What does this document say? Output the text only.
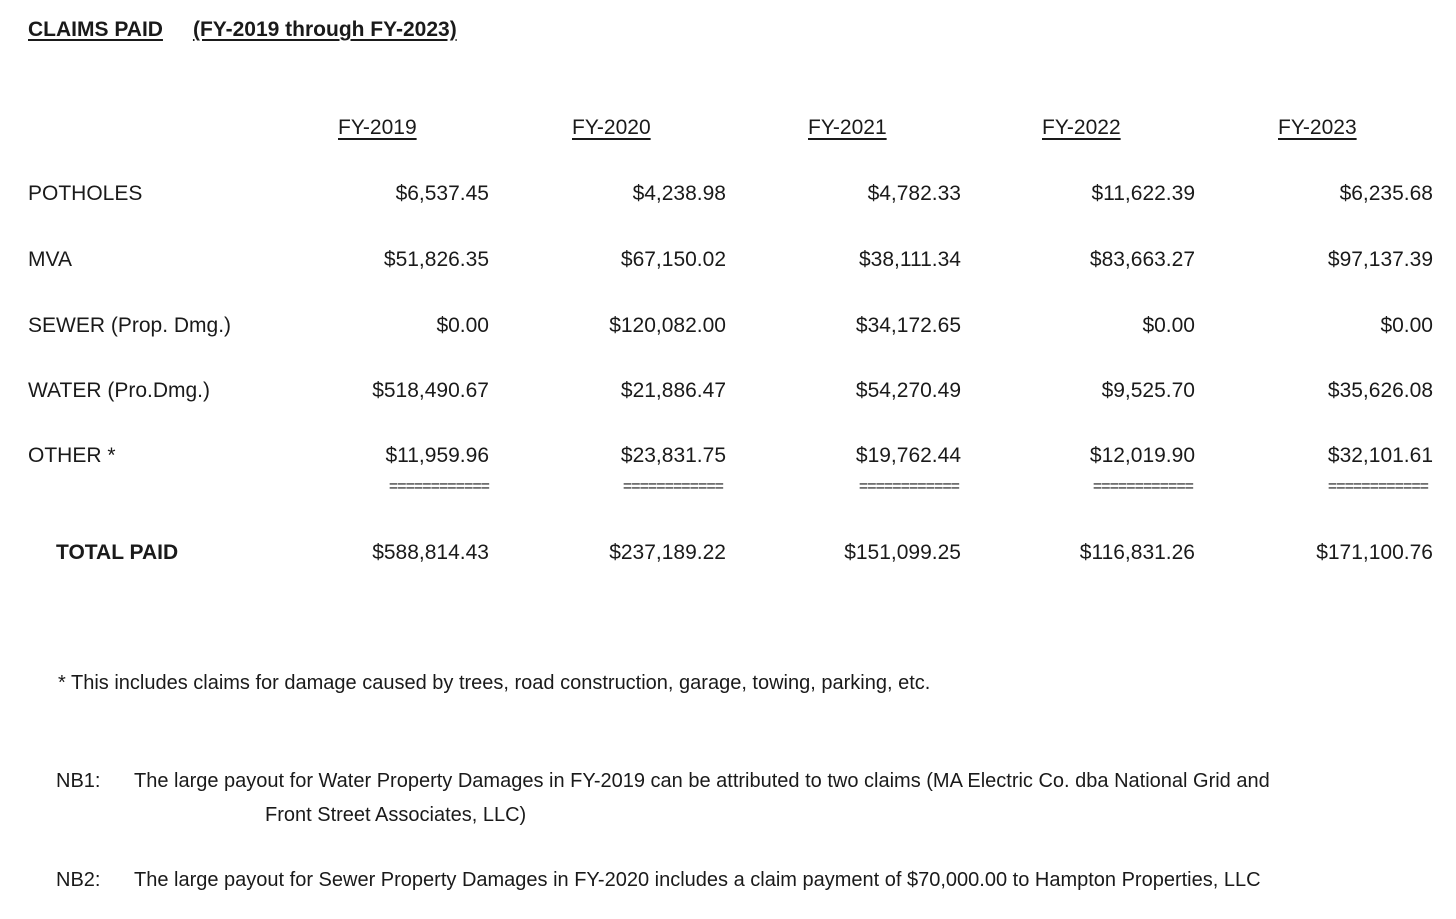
CLAIMS PAID (FY-2019 through FY-2023)
FY-2019	FY-2020	FY-2021	FY-2022	FY-2023
POTHOLES	$6,537.45	$4,238.98	$4,782.33	$11,622.39	$6,235.68
MVA	$51,826.35	$67,150.02	$38,111.34	$83,663.27	$97,137.39
SEWER (Prop. Dmg.)	$0.00	$120,082.00	$34,172.65	$0.00	$0.00
WATER (Pro.Dmg.)	$518,490.67	$21,886.47	$54,270.49	$9,525.70	$35,626.08
OTHER *	$11,959.96	$23,831.75	$19,762.44	$12,019.90	$32,101.61
============	============	============	============	============
TOTAL PAID	$588,814.43	$237,189.22	$151,099.25	$116,831.26	$171,100.76
* This includes claims for damage caused by trees, road construction, garage, towing, parking, etc.
NB1: The large payout for Water Property Damages in FY-2019 can be attributed to two claims (MA Electric Co. dba National Grid and
Front Street Associates, LLC)
NB2: The large payout for Sewer Property Damages in FY-2020 includes a claim payment of $70,000.00 to Hampton Properties, LLC
